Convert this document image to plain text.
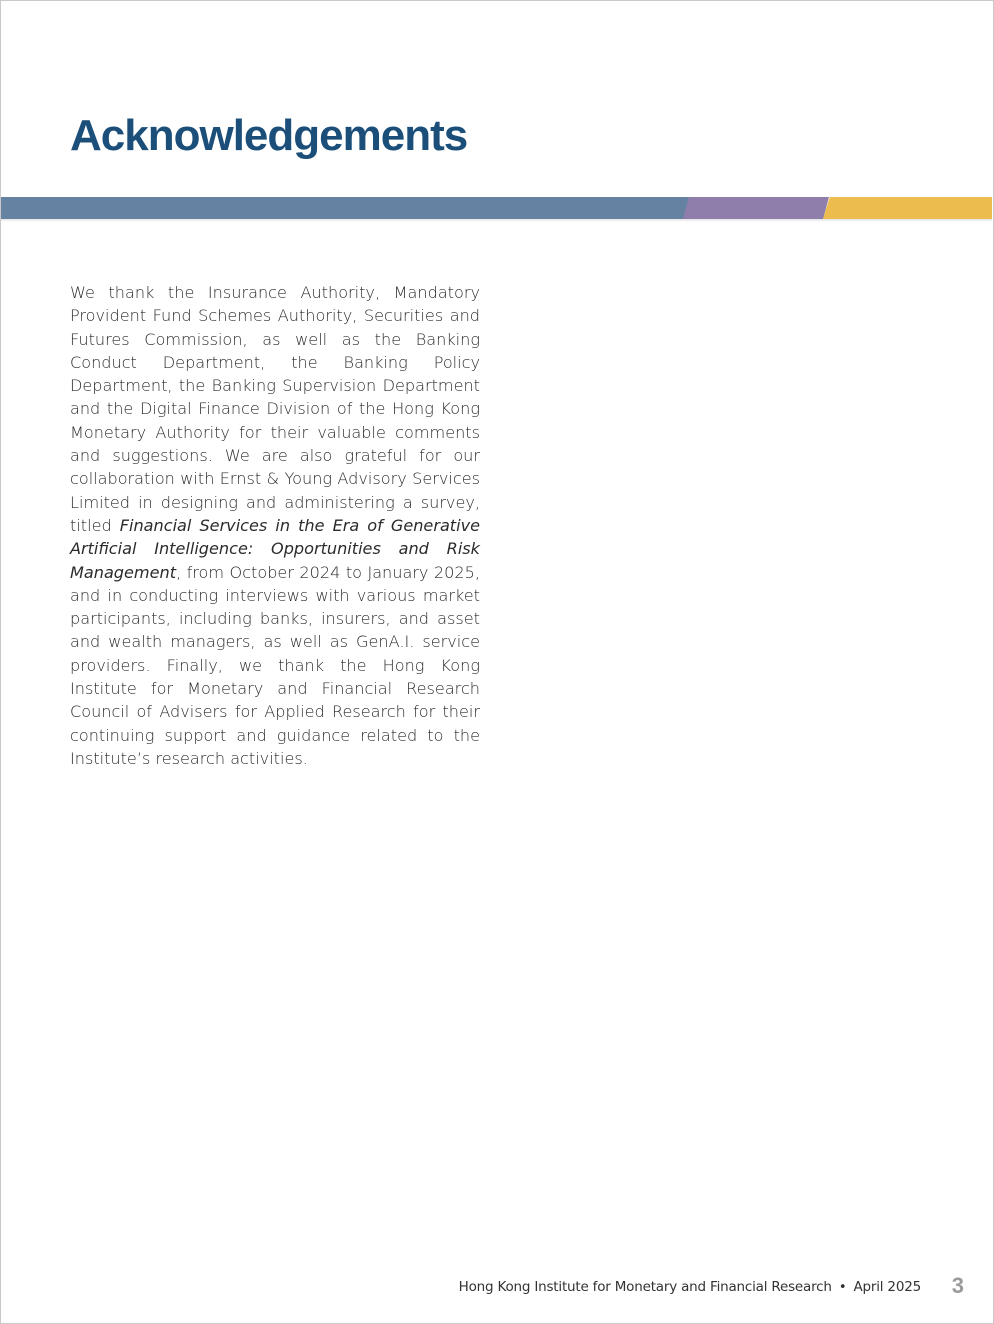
Acknowledgements

We thank the Insurance Authority, Mandatory Provident Fund Schemes Authority, Securities and Futures Commission, as well as the Banking Conduct Department, the Banking Policy Department, the Banking Supervision Department and the Digital Finance Division of the Hong Kong Monetary Authority for their valuable comments and suggestions. We are also grateful for our collaboration with Ernst & Young Advisory Services Limited in designing and administering a survey, titled Financial Services in the Era of Generative Artificial Intelligence: Opportunities and Risk Management, from October 2024 to January 2025, and in conducting interviews with various market participants, including banks, insurers, and asset and wealth managers, as well as GenA.I. service providers. Finally, we thank the Hong Kong Institute for Monetary and Financial Research Council of Advisers for Applied Research for their continuing support and guidance related to the Institute’s research activities.

Hong Kong Institute for Monetary and Financial Research • April 2025 3
